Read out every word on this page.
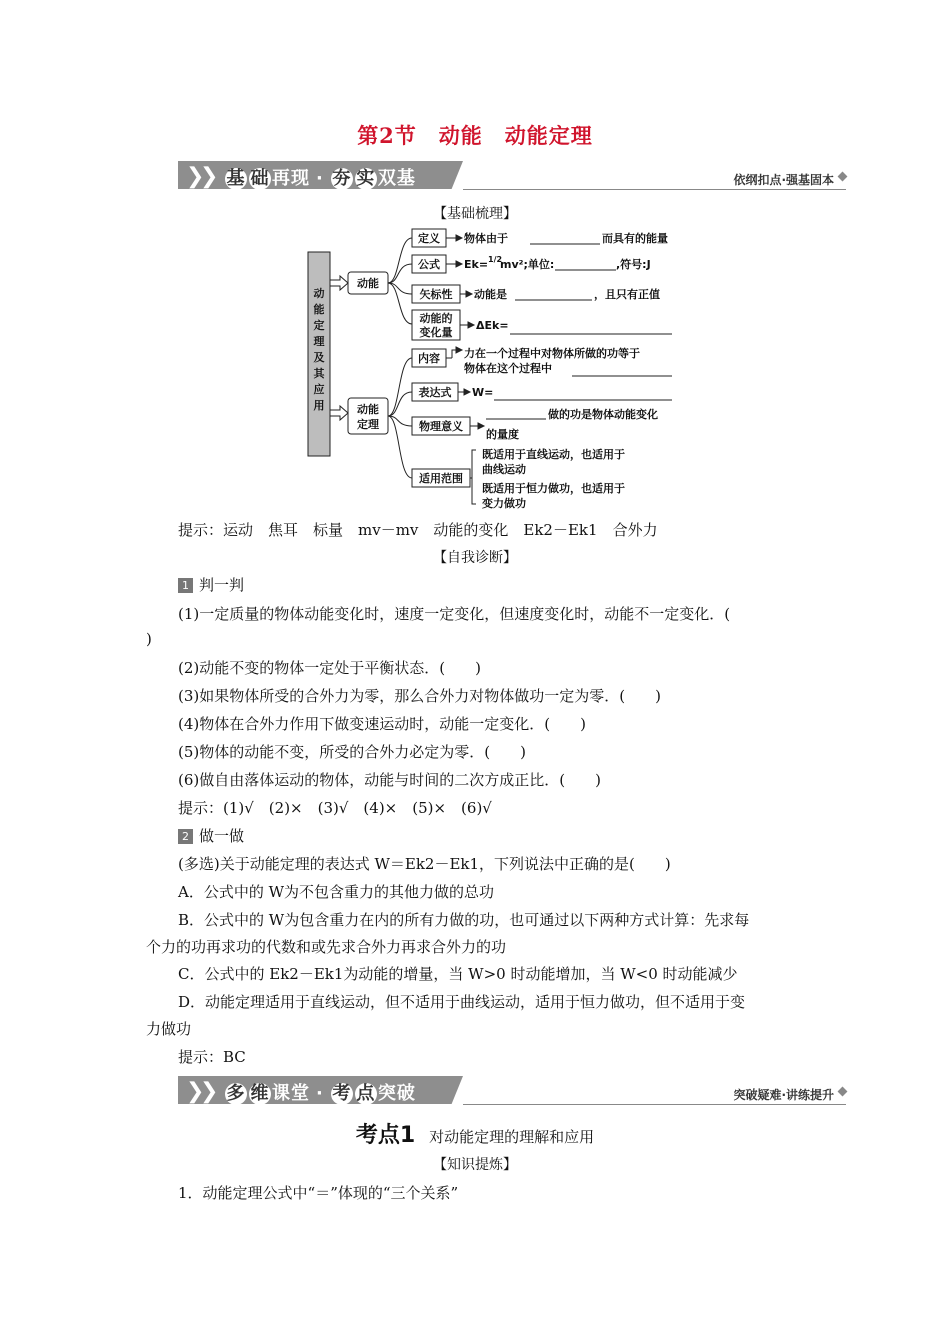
第2节　动能　动能定理
❯
❯ 基 础 再现 · 夯 实 双基	依纲扣点·强基固本
【基础梳理】
动能定理及其应用
动能
动能
定理
定义
公式
矢标性
动能的
变化量
内容
表达式
物理意义
适用范围
物体由于	而具有的能量
Ek= 1/2
mv²;单位:	,符号:J
动能是	，且只有正值
ΔEk=
力在一个过程中对物体所做的功等于
物体在这个过程中
W=
做的功是物体动能变化
的量度
既适用于直线运动，也适用于
曲线运动
既适用于恒力做功，也适用于
变力做功
提示：运动　焦耳　标量　mv－mv　动能的变化　Ek2－Ek1　合外力
【自我诊断】
1 判一判
(1)一定质量的物体动能变化时，速度一定变化，但速度变化时，动能不一定变化．(
)
(2)动能不变的物体一定处于平衡状态．(　　)
(3)如果物体所受的合外力为零，那么合外力对物体做功一定为零．(　　)
(4)物体在合外力作用下做变速运动时，动能一定变化．(　　)
(5)物体的动能不变，所受的合外力必定为零．(　　)
(6)做自由落体运动的物体，动能与时间的二次方成正比．(　　)
提示：(1)√　(2)×　(3)√　(4)×　(5)×　(6)√
2 做一做
(多选)关于动能定理的表达式 W＝Ek2－Ek1，下列说法中正确的是(　　)
A．公式中的 W为不包含重力的其他力做的总功
B．公式中的 W为包含重力在内的所有力做的功，也可通过以下两种方式计算：先求每
个力的功再求功的代数和或先求合外力再求合外力的功
C．公式中的 Ek2－Ek1为动能的增量，当 W>0 时动能增加，当 W<0 时动能减少
D．动能定理适用于直线运动，但不适用于曲线运动，适用于恒力做功，但不适用于变
力做功
提示：BC
❯
❯ 多 维 课堂 · 考 点 突破	突破疑难·讲练提升
考点1 对动能定理的理解和应用
【知识提炼】
1．动能定理公式中“＝”体现的“三个关系”
